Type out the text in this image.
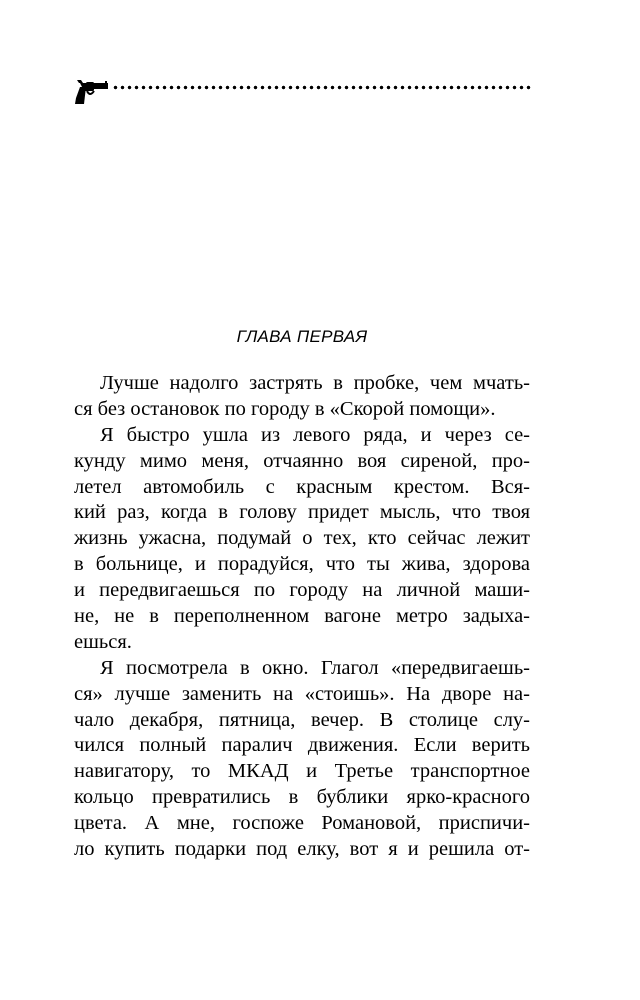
ГЛАВА ПЕРВАЯ
Лучше надолго застрять в пробке, чем мчать-
ся без остановок по городу в «Скорой помощи».
Я быстро ушла из левого ряда, и через се-
кунду мимо меня, отчаянно воя сиреной, про-
летел автомобиль с красным крестом. Вся-
кий раз, когда в голову придет мысль, что твоя
жизнь ужасна, подумай о тех, кто сейчас лежит
в больнице, и порадуйся, что ты жива, здорова
и передвигаешься по городу на личной маши-
не, не в переполненном вагоне метро задыха-
ешься.
Я посмотрела в окно. Глагол «передвигаешь-
ся» лучше заменить на «стоишь». На дворе на-
чало декабря, пятница, вечер. В столице слу-
чился полный паралич движения. Если верить
навигатору, то МКАД и Третье транспортное
кольцо превратились в бублики ярко-красного
цвета. А мне, госпоже Романовой, приспичи-
ло купить подарки под елку, вот я и решила от-
